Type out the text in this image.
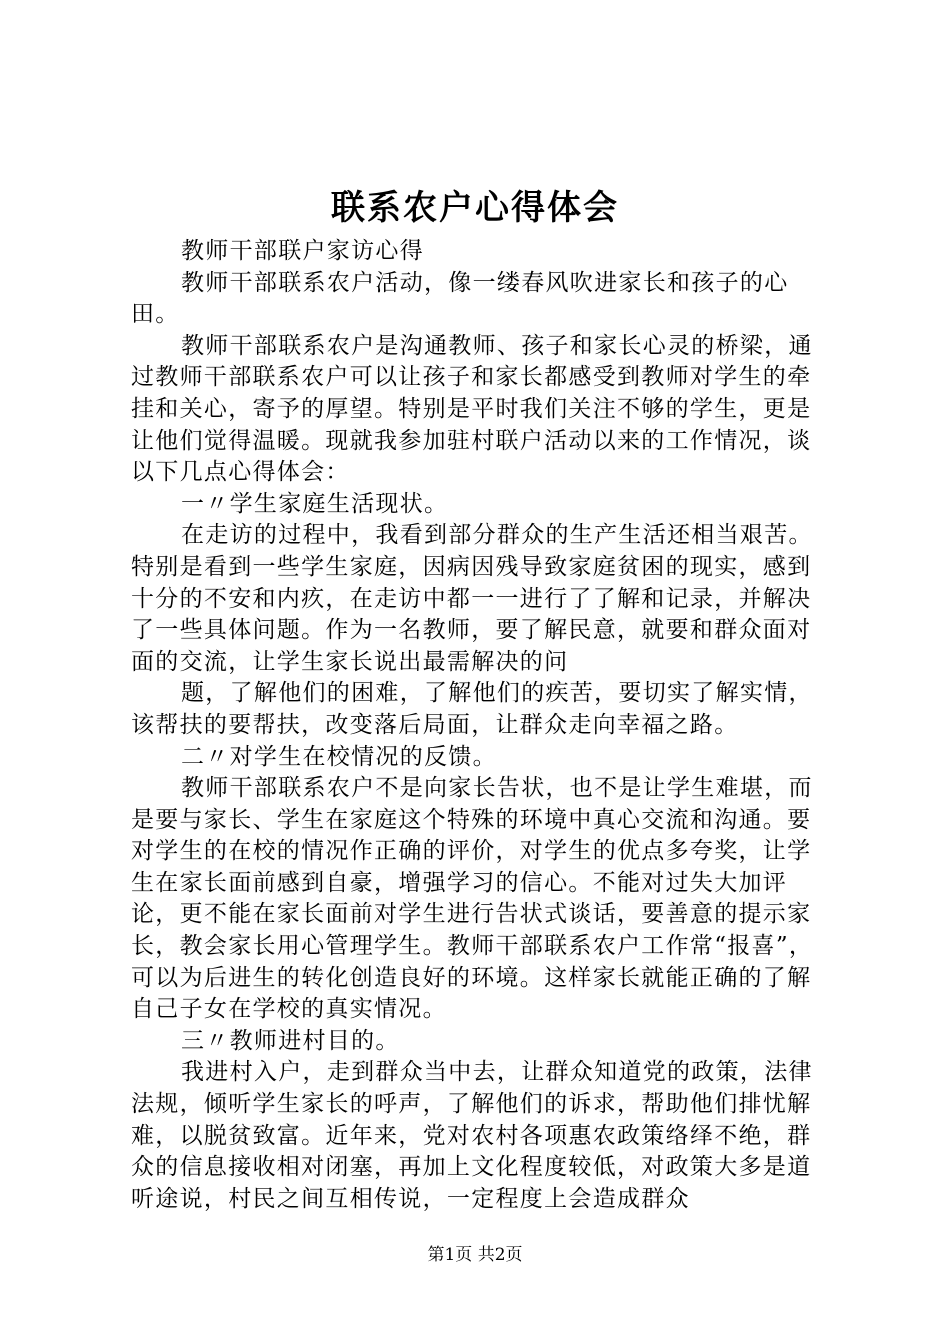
联系农户心得体会

教师干部联户家访心得

教师干部联系农户活动，像一缕春风吹进家长和孩子的心田。

教师干部联系农户是沟通教师、孩子和家长心灵的桥梁，通过教师干部联系农户可以让孩子和家长都感受到教师对学生的牵挂和关心，寄予的厚望。特别是平时我们关注不够的学生，更是让他们觉得温暖。现就我参加驻村联户活动以来的工作情况，谈以下几点心得体会：

一〃学生家庭生活现状。

在走访的过程中，我看到部分群众的生产生活还相当艰苦。特别是看到一些学生家庭，因病因残导致家庭贫困的现实，感到十分的不安和内疚，在走访中都一一进行了了解和记录，并解决了一些具体问题。作为一名教师，要了解民意，就要和群众面对面的交流，让学生家长说出最需解决的问

题，了解他们的困难，了解他们的疾苦，要切实了解实情，该帮扶的要帮扶，改变落后局面，让群众走向幸福之路。

二〃对学生在校情况的反馈。

教师干部联系农户不是向家长告状，也不是让学生难堪，而是要与家长、学生在家庭这个特殊的环境中真心交流和沟通。要对学生的在校的情况作正确的评价，对学生的优点多夸奖，让学生在家长面前感到自豪，增强学习的信心。不能对过失大加评论，更不能在家长面前对学生进行告状式谈话，要善意的提示家长，教会家长用心管理学生。教师干部联系农户工作常“报喜”，可以为后进生的转化创造良好的环境。这样家长就能正确的了解自己子女在学校的真实情况。

三〃教师进村目的。

我进村入户，走到群众当中去，让群众知道党的政策，法律法规，倾听学生家长的呼声，了解他们的诉求，帮助他们排忧解难，以脱贫致富。近年来，党对农村各项惠农政策络绎不绝，群众的信息接收相对闭塞，再加上文化程度较低，对政策大多是道听途说，村民之间互相传说，一定程度上会造成群众

第1页 共2页
